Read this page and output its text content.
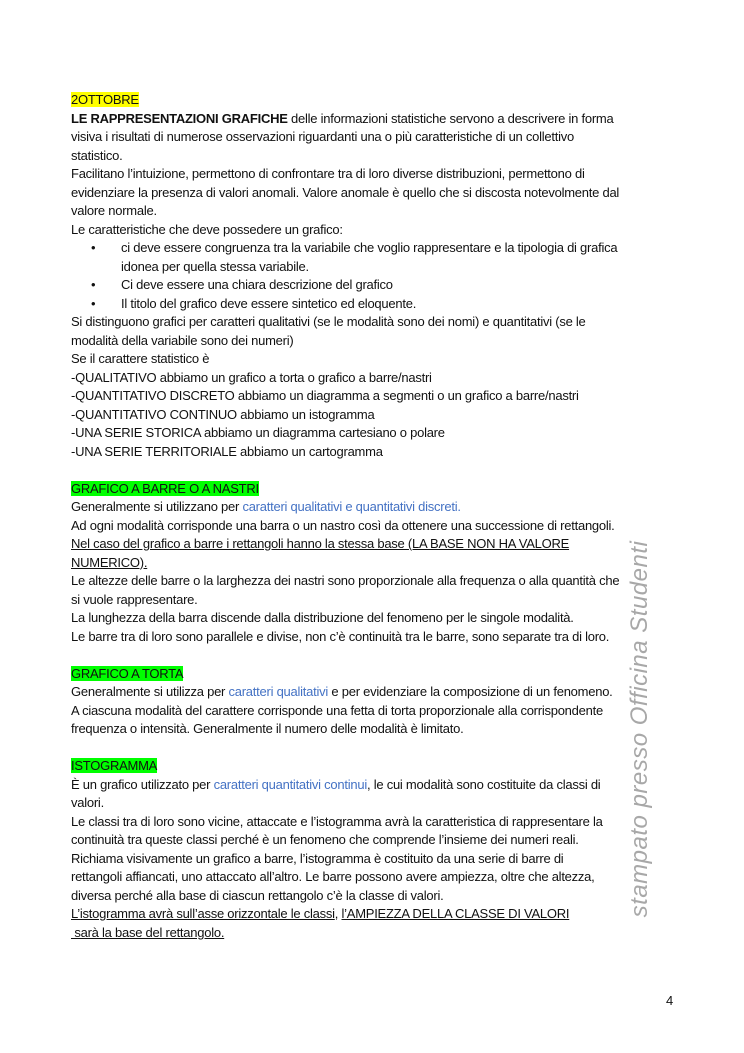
2OTTOBRE
LE RAPPRESENTAZIONI GRAFICHE delle informazioni statistiche servono a descrivere in forma
visiva i risultati di numerose osservazioni riguardanti una o più caratteristiche di un collettivo
statistico.
Facilitano l’intuizione, permettono di confrontare tra di loro diverse distribuzioni, permettono di
evidenziare la presenza di valori anomali. Valore anomale è quello che si discosta notevolmente dal
valore normale.
Le caratteristiche che deve possedere un grafico:
• ci deve essere congruenza tra la variabile che voglio rappresentare e la tipologia di grafica
idonea per quella stessa variabile.
• Ci deve essere una chiara descrizione del grafico
• Il titolo del grafico deve essere sintetico ed eloquente.
Si distinguono grafici per caratteri qualitativi (se le modalità sono dei nomi) e quantitativi (se le
modalità della variabile sono dei numeri)
Se il carattere statistico è
-QUALITATIVO abbiamo un grafico a torta o grafico a barre/nastri
-QUANTITATIVO DISCRETO abbiamo un diagramma a segmenti o un grafico a barre/nastri
-QUANTITATIVO CONTINUO abbiamo un istogramma
-UNA SERIE STORICA abbiamo un diagramma cartesiano o polare
-UNA SERIE TERRITORIALE abbiamo un cartogramma
GRAFICO A BARRE O A NASTRI
Generalmente si utilizzano per caratteri qualitativi e quantitativi discreti.
Ad ogni modalità corrisponde una barra o un nastro così da ottenere una successione di rettangoli.
Nel caso del grafico a barre i rettangoli hanno la stessa base (LA BASE NON HA VALORE
NUMERICO).
Le altezze delle barre o la larghezza dei nastri sono proporzionale alla frequenza o alla quantità che
si vuole rappresentare.
La lunghezza della barra discende dalla distribuzione del fenomeno per le singole modalità.
Le barre tra di loro sono parallele e divise, non c’è continuità tra le barre, sono separate tra di loro.
GRAFICO A TORTA
Generalmente si utilizza per caratteri qualitativi e per evidenziare la composizione di un fenomeno.
A ciascuna modalità del carattere corrisponde una fetta di torta proporzionale alla corrispondente
frequenza o intensità. Generalmente il numero delle modalità è limitato.
ISTOGRAMMA
È un grafico utilizzato per caratteri quantitativi continui, le cui modalità sono costituite da classi di
valori.
Le classi tra di loro sono vicine, attaccate e l’istogramma avrà la caratteristica di rappresentare la
continuità tra queste classi perché è un fenomeno che comprende l’insieme dei numeri reali.
Richiama visivamente un grafico a barre, l’istogramma è costituito da una serie di barre di
rettangoli affiancati, uno attaccato all’altro. Le barre possono avere ampiezza, oltre che altezza,
diversa perché alla base di ciascun rettangolo c’è la classe di valori.
L’istogramma avrà sull’asse orizzontale le classi, l’AMPIEZZA DELLA CLASSE DI VALORI
sarà la base del rettangolo.
stampato presso Officina Studenti
4
